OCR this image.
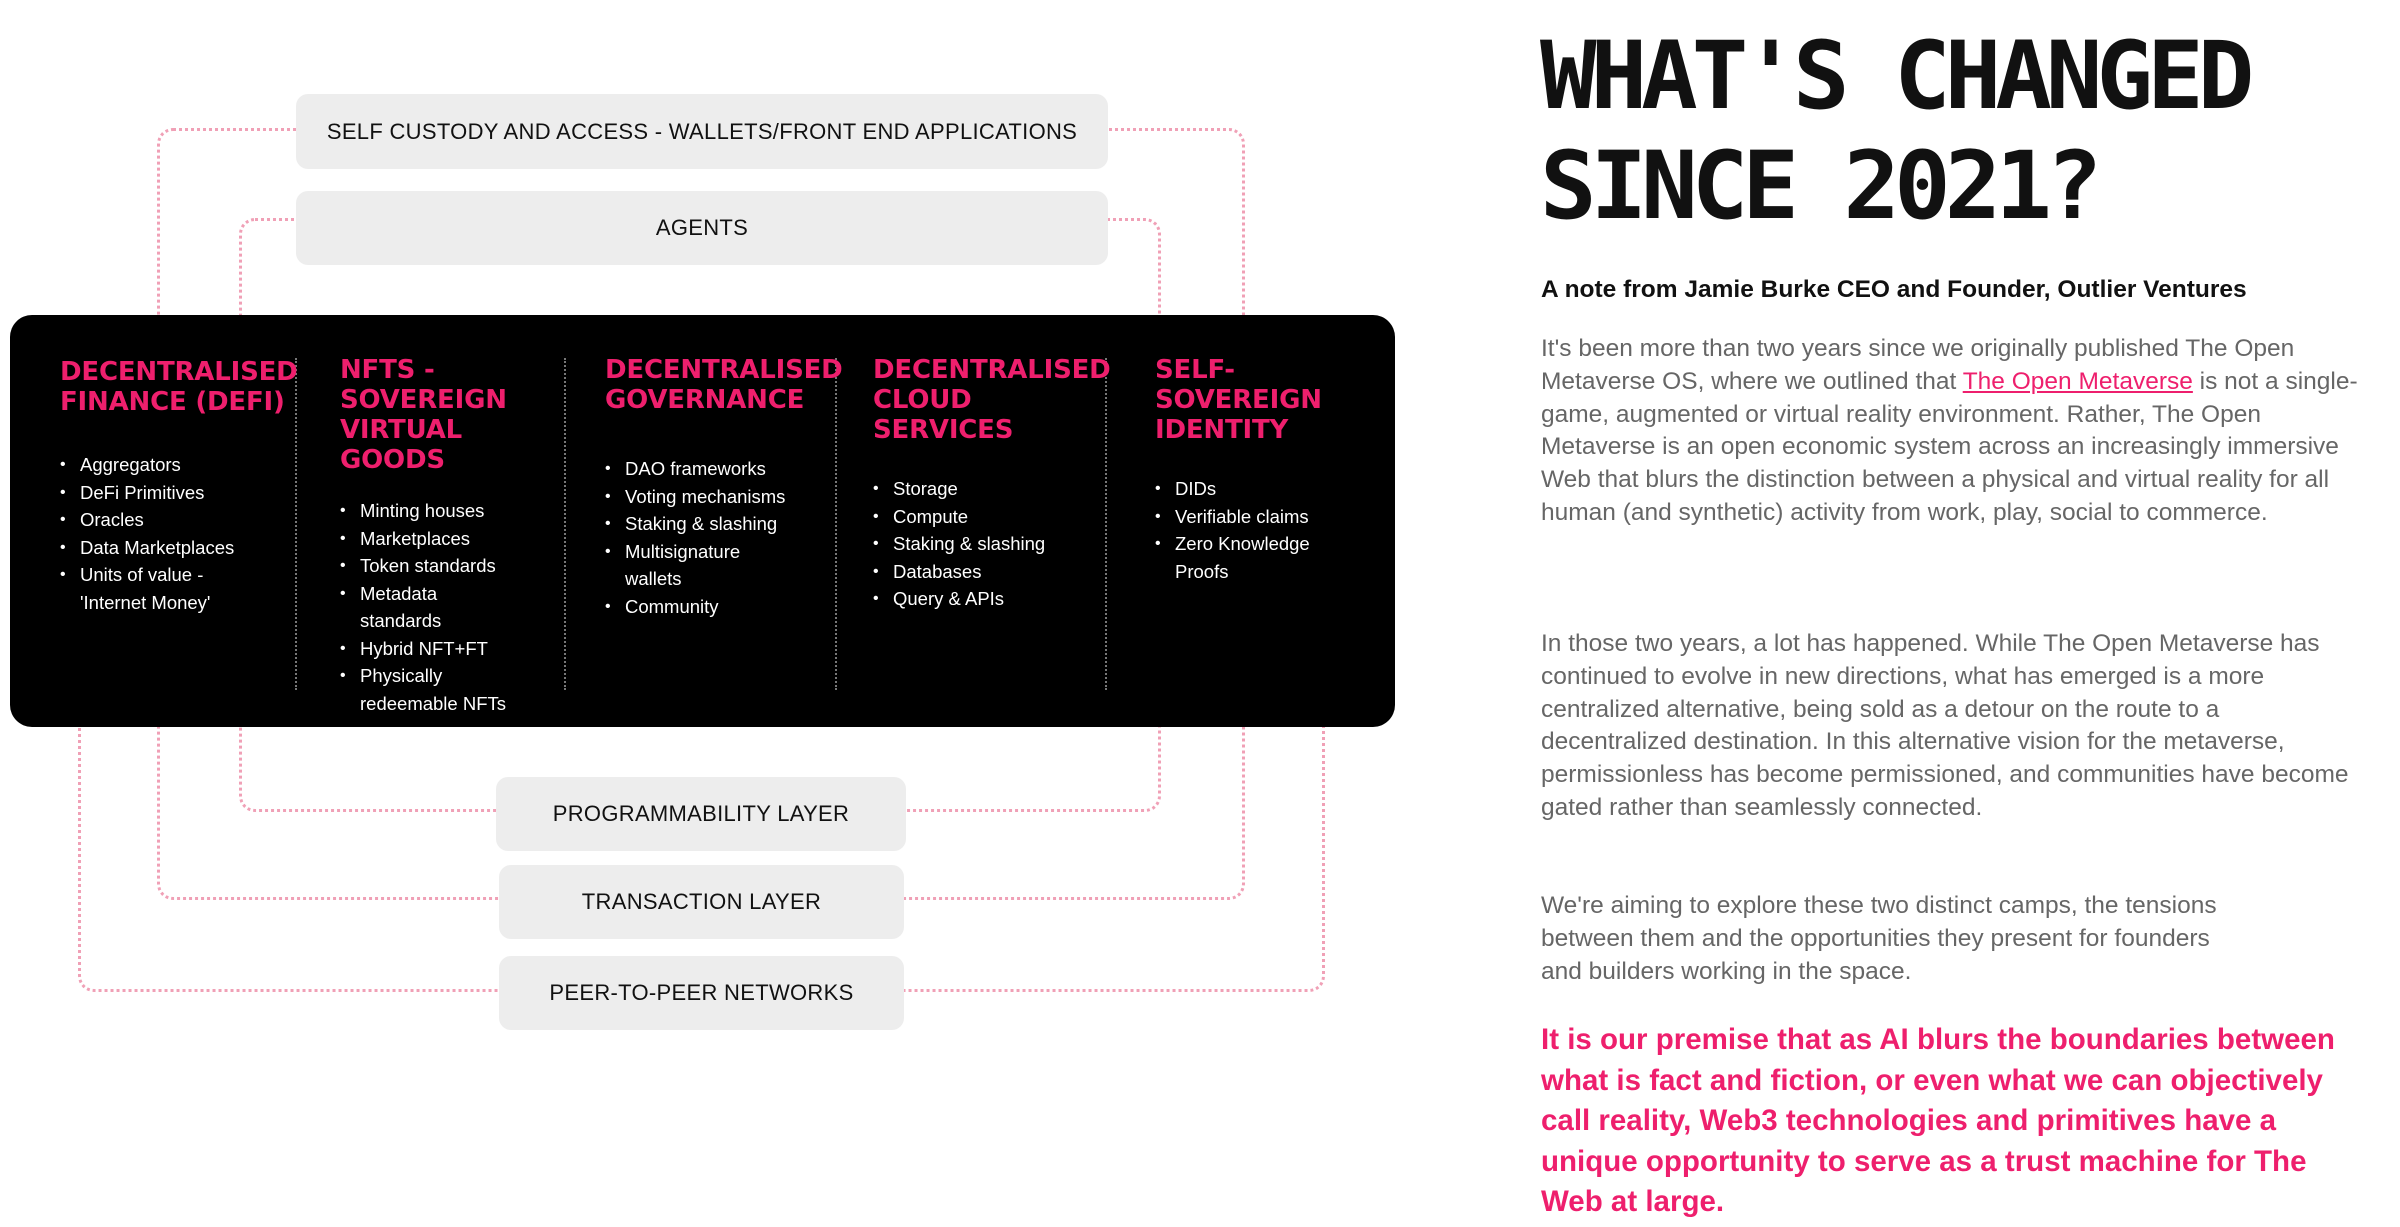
SELF CUSTODY AND ACCESS - WALLETS/FRONT END APPLICATIONS
AGENTS
DECENTRALISED FINANCE (DEFI)
• Aggregators
• DeFi Primitives
• Oracles
• Data Marketplaces
• Units of value - 'Internet Money'
NFTS - SOVEREIGN VIRTUAL GOODS
• Minting houses
• Marketplaces
• Token standards
• Metadata standards
• Hybrid NFT+FT
• Physically redeemable NFTs
DECENTRALISED GOVERNANCE
• DAO frameworks
• Voting mechanisms
• Staking & slashing
• Multisignature wallets
• Community
DECENTRALISED CLOUD SERVICES
• Storage
• Compute
• Staking & slashing
• Databases
• Query & APIs
SELF-SOVEREIGN IDENTITY
• DIDs
• Verifiable claims
• Zero Knowledge Proofs
PROGRAMMABILITY LAYER
TRANSACTION LAYER
PEER-TO-PEER NETWORKS
WHAT'S CHANGED
SINCE 2021?
A note from Jamie Burke CEO and Founder, Outlier Ventures

It's been more than two years since we originally published The Open Metaverse OS, where we outlined that The Open Metaverse is not a single-game, augmented or virtual reality environment. Rather, The Open Metaverse is an open economic system across an increasingly immersive Web that blurs the distinction between a physical and virtual reality for all human (and synthetic) activity from work, play, social to commerce.

In those two years, a lot has happened. While The Open Metaverse has continued to evolve in new directions, what has emerged is a more centralized alternative, being sold as a detour on the route to a decentralized destination. In this alternative vision for the metaverse, permissionless has become permissioned, and communities have become gated rather than seamlessly connected.

We're aiming to explore these two distinct camps, the tensions between them and the opportunities they present for founders and builders working in the space.

It is our premise that as AI blurs the boundaries between what is fact and fiction, or even what we can objectively call reality, Web3 technologies and primitives have a unique opportunity to serve as a trust machine for The Web at large.
